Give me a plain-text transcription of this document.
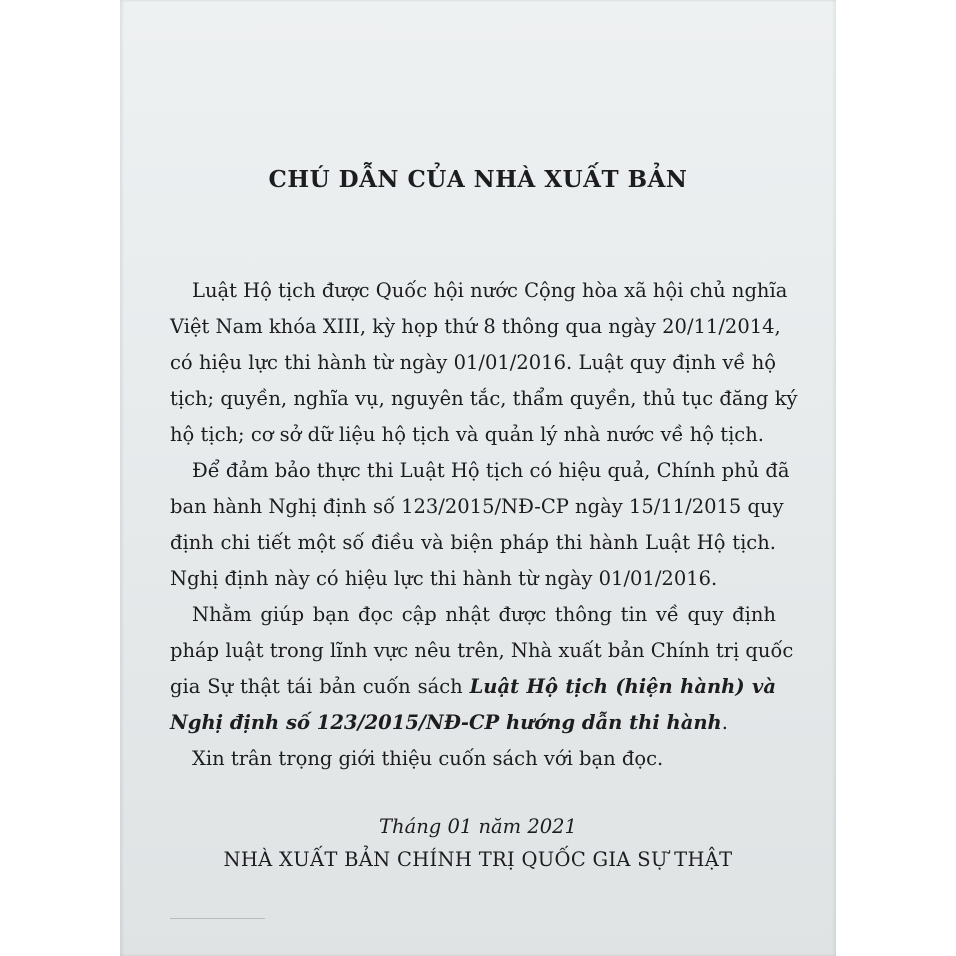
CHÚ DẪN CỦA NHÀ XUẤT BẢN
Luật Hộ tịch được Quốc hội nước Cộng hòa xã hội chủ nghĩa
Việt Nam khóa XIII, kỳ họp thứ 8 thông qua ngày 20/11/2014,
có hiệu lực thi hành từ ngày 01/01/2016. Luật quy định về hộ
tịch; quyền, nghĩa vụ, nguyên tắc, thẩm quyền, thủ tục đăng ký
hộ tịch; cơ sở dữ liệu hộ tịch và quản lý nhà nước về hộ tịch.
Để đảm bảo thực thi Luật Hộ tịch có hiệu quả, Chính phủ đã
ban hành Nghị định số 123/2015/NĐ-CP ngày 15/11/2015 quy
định chi tiết một số điều và biện pháp thi hành Luật Hộ tịch.
Nghị định này có hiệu lực thi hành từ ngày 01/01/2016.
Nhằm giúp bạn đọc cập nhật được thông tin về quy định
pháp luật trong lĩnh vực nêu trên, Nhà xuất bản Chính trị quốc
gia Sự thật tái bản cuốn sách Luật Hộ tịch (hiện hành) và
Nghị định số 123/2015/NĐ-CP hướng dẫn thi hành.
Xin trân trọng giới thiệu cuốn sách với bạn đọc.
Tháng 01 năm 2021
NHÀ XUẤT BẢN CHÍNH TRỊ QUỐC GIA SỰ THẬT
